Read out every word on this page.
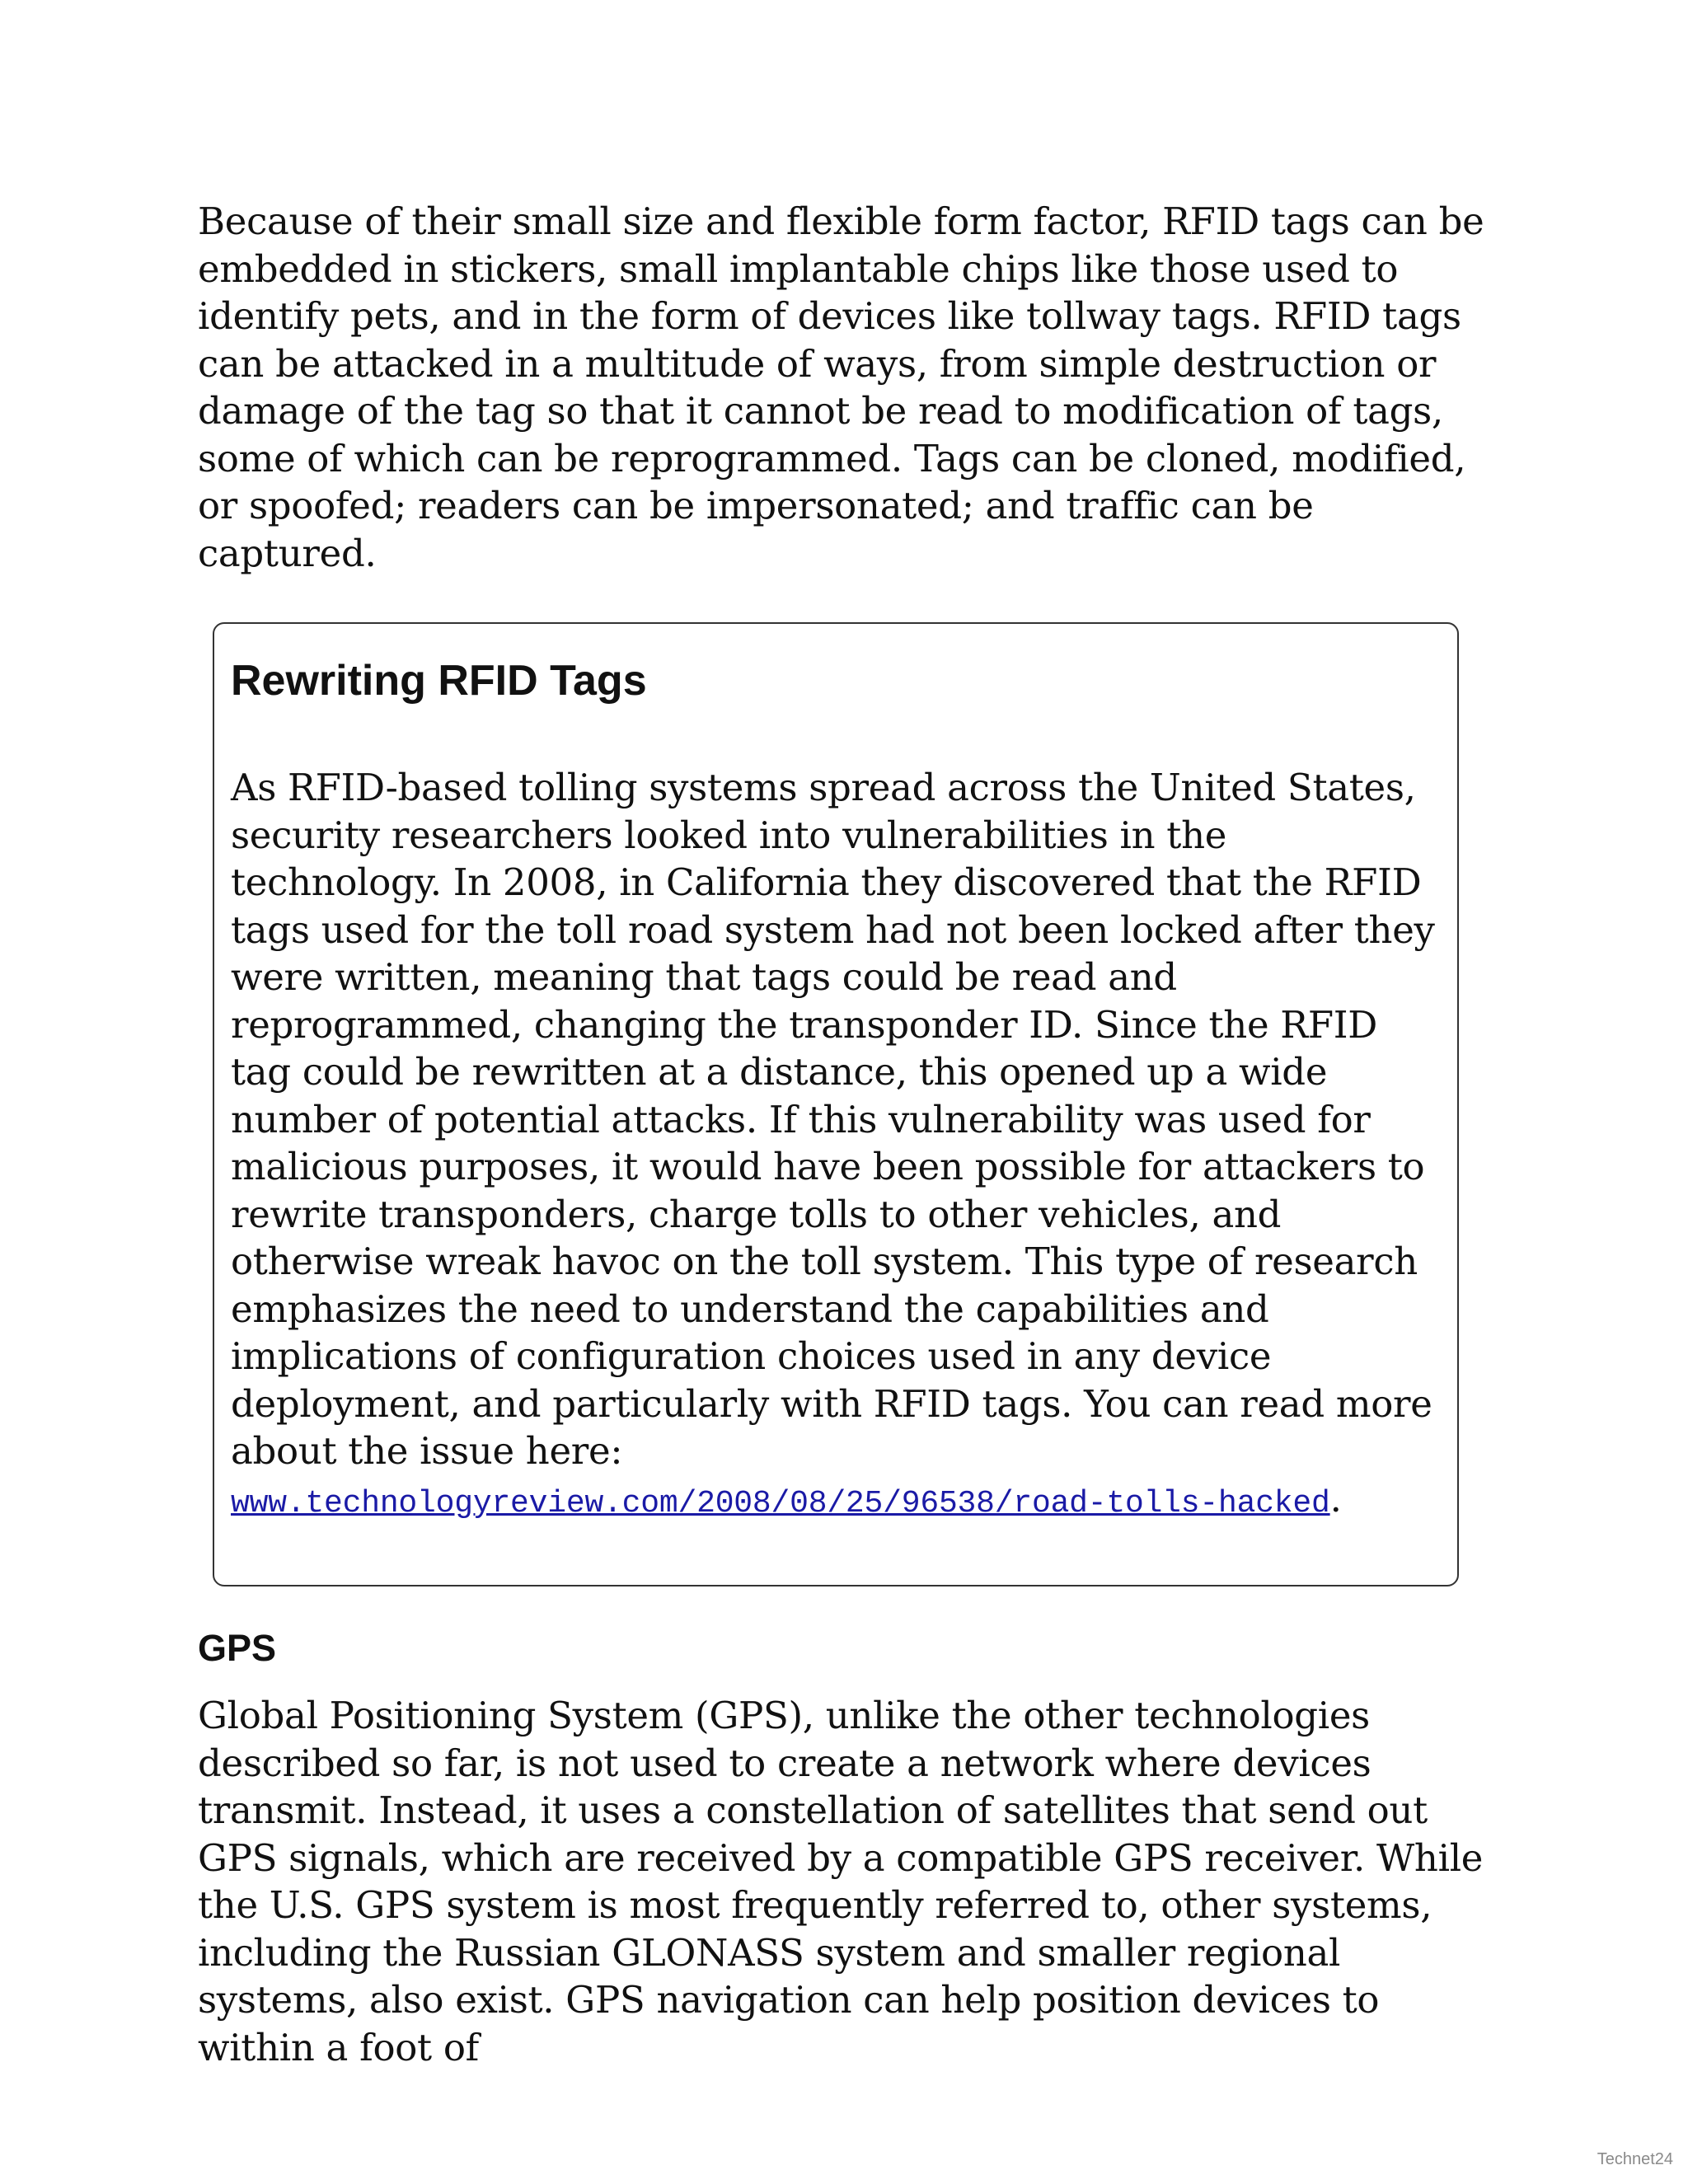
Because of their small size and flexible form factor, RFID tags can be embedded in stickers, small implantable chips like those used to identify pets, and in the form of devices like tollway tags. RFID tags can be attacked in a multitude of ways, from simple destruction or damage of the tag so that it cannot be read to modification of tags, some of which can be reprogrammed. Tags can be cloned, modified, or spoofed; readers can be impersonated; and traffic can be captured.

Rewriting RFID Tags

As RFID-based tolling systems spread across the United States, security researchers looked into vulnerabilities in the technology. In 2008, in California they discovered that the RFID tags used for the toll road system had not been locked after they were written, meaning that tags could be read and reprogrammed, changing the transponder ID. Since the RFID tag could be rewritten at a distance, this opened up a wide number of potential attacks. If this vulnerability was used for malicious purposes, it would have been possible for attackers to rewrite transponders, charge tolls to other vehicles, and otherwise wreak havoc on the toll system. This type of research emphasizes the need to understand the capabilities and implications of configuration choices used in any device deployment, and particularly with RFID tags. You can read more about the issue here:
www.technologyreview.com/2008/08/25/96538/road-tolls-hacked.

GPS

Global Positioning System (GPS), unlike the other technologies described so far, is not used to create a network where devices transmit. Instead, it uses a constellation of satellites that send out GPS signals, which are received by a compatible GPS receiver. While the U.S. GPS system is most frequently referred to, other systems, including the Russian GLONASS system and smaller regional systems, also exist. GPS navigation can help position devices to within a foot of

Technet24
